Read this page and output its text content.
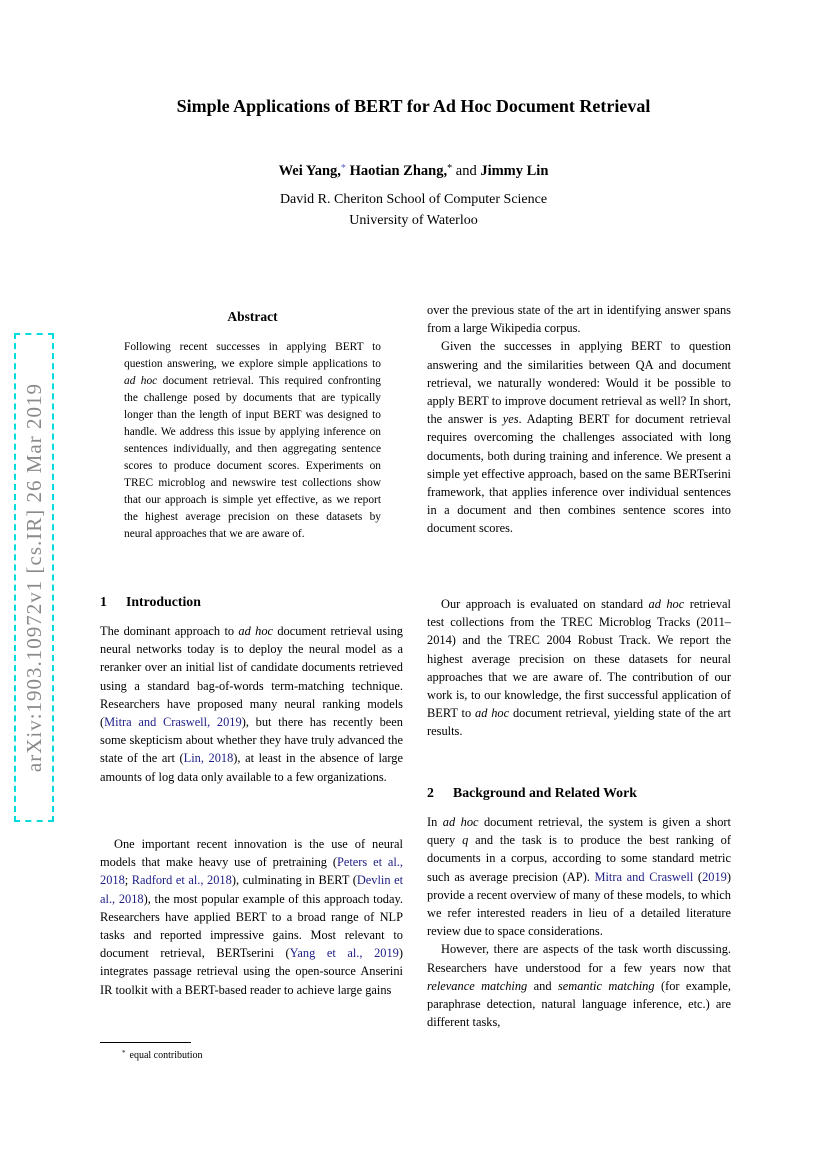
arXiv:1903.10972v1 [cs.IR] 26 Mar 2019
Simple Applications of BERT for Ad Hoc Document Retrieval
Wei Yang,* Haotian Zhang,* and Jimmy Lin
David R. Cheriton School of Computer Science
University of Waterloo
Abstract
Following recent successes in applying BERT to question answering, we explore simple applications to ad hoc document retrieval. This required confronting the challenge posed by documents that are typically longer than the length of input BERT was designed to handle. We address this issue by applying inference on sentences individually, and then aggregating sentence scores to produce document scores. Experiments on TREC microblog and newswire test collections show that our approach is simple yet effective, as we report the highest average precision on these datasets by neural approaches that we are aware of.
1 Introduction

The dominant approach to ad hoc document retrieval using neural networks today is to deploy the neural model as a reranker over an initial list of candidate documents retrieved using a standard bag-of-words term-matching technique. Researchers have proposed many neural ranking models (Mitra and Craswell, 2019), but there has recently been some skepticism about whether they have truly advanced the state of the art (Lin, 2018), at least in the absence of large amounts of log data only available to a few organizations.

One important recent innovation is the use of neural models that make heavy use of pretraining (Peters et al., 2018; Radford et al., 2018), culminating in BERT (Devlin et al., 2018), the most popular example of this approach today. Researchers have applied BERT to a broad range of NLP tasks and reported impressive gains. Most relevant to document retrieval, BERTserini (Yang et al., 2019) integrates passage retrieval using the open-source Anserini IR toolkit with a BERT-based reader to achieve large gains

* equal contribution

over the previous state of the art in identifying answer spans from a large Wikipedia corpus.

Given the successes in applying BERT to question answering and the similarities between QA and document retrieval, we naturally wondered: Would it be possible to apply BERT to improve document retrieval as well? In short, the answer is yes. Adapting BERT for document retrieval requires overcoming the challenges associated with long documents, both during training and inference. We present a simple yet effective approach, based on the same BERTserini framework, that applies inference over individual sentences in a document and then combines sentence scores into document scores.

Our approach is evaluated on standard ad hoc retrieval test collections from the TREC Microblog Tracks (2011–2014) and the TREC 2004 Robust Track. We report the highest average precision on these datasets for neural approaches that we are aware of. The contribution of our work is, to our knowledge, the first successful application of BERT to ad hoc document retrieval, yielding state of the art results.

2 Background and Related Work

In ad hoc document retrieval, the system is given a short query q and the task is to produce the best ranking of documents in a corpus, according to some standard metric such as average precision (AP). Mitra and Craswell (2019) provide a recent overview of many of these models, to which we refer interested readers in lieu of a detailed literature review due to space considerations.

However, there are aspects of the task worth discussing. Researchers have understood for a few years now that relevance matching and semantic matching (for example, paraphrase detection, natural language inference, etc.) are different tasks,
